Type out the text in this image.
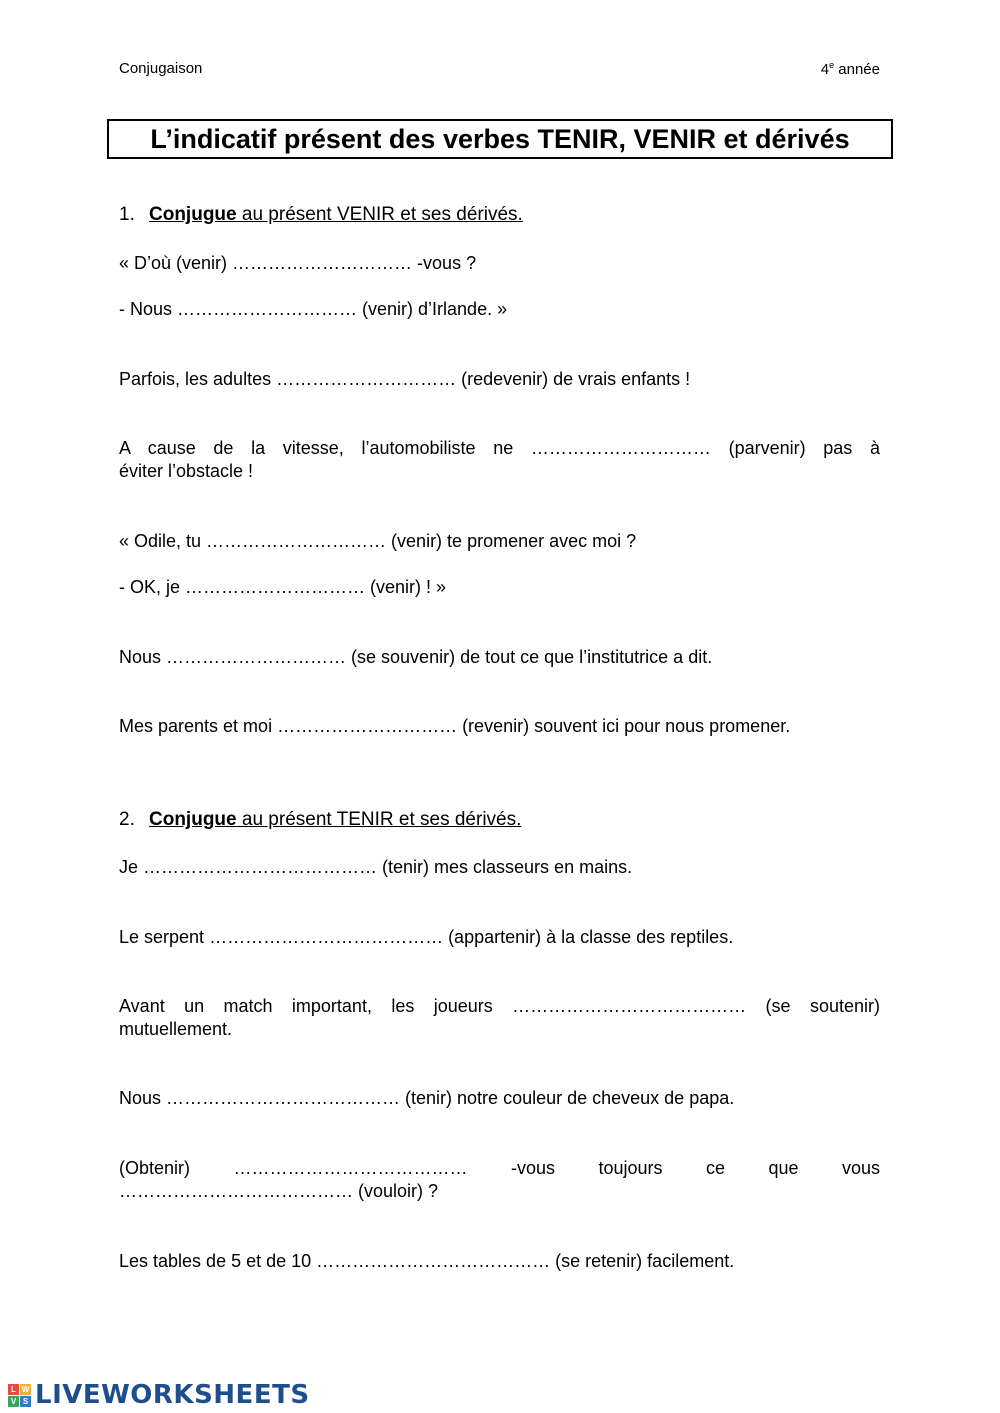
Conjugaison	4e année
L’indicatif présent des verbes TENIR, VENIR et dérivés
1. Conjugue au présent VENIR et ses dérivés.
« D’où (venir) ………………………… -vous ?
- Nous ………………………… (venir) d’Irlande. »
Parfois, les adultes ………………………… (redevenir) de vrais enfants !
A cause de la vitesse, l’automobiliste ne ………………………… (parvenir) pas à
éviter l’obstacle !
« Odile, tu ………………………… (venir) te promener avec moi ?
- OK, je ………………………… (venir) ! »
Nous ………………………… (se souvenir) de tout ce que l’institutrice a dit.
Mes parents et moi ………………………… (revenir) souvent ici pour nous promener.
2. Conjugue au présent TENIR et ses dérivés.
Je ………………………………… (tenir) mes classeurs en mains.
Le serpent ………………………………… (appartenir) à la classe des reptiles.
Avant un match important, les joueurs ………………………………… (se soutenir)
mutuellement.
Nous ………………………………… (tenir) notre couleur de cheveux de papa.
(Obtenir) ………………………………… -vous toujours ce que vous
………………………………… (vouloir) ?
Les tables de 5 et de 10 ………………………………… (se retenir) facilement.
L W
V S LIVEWORKSHEETS
